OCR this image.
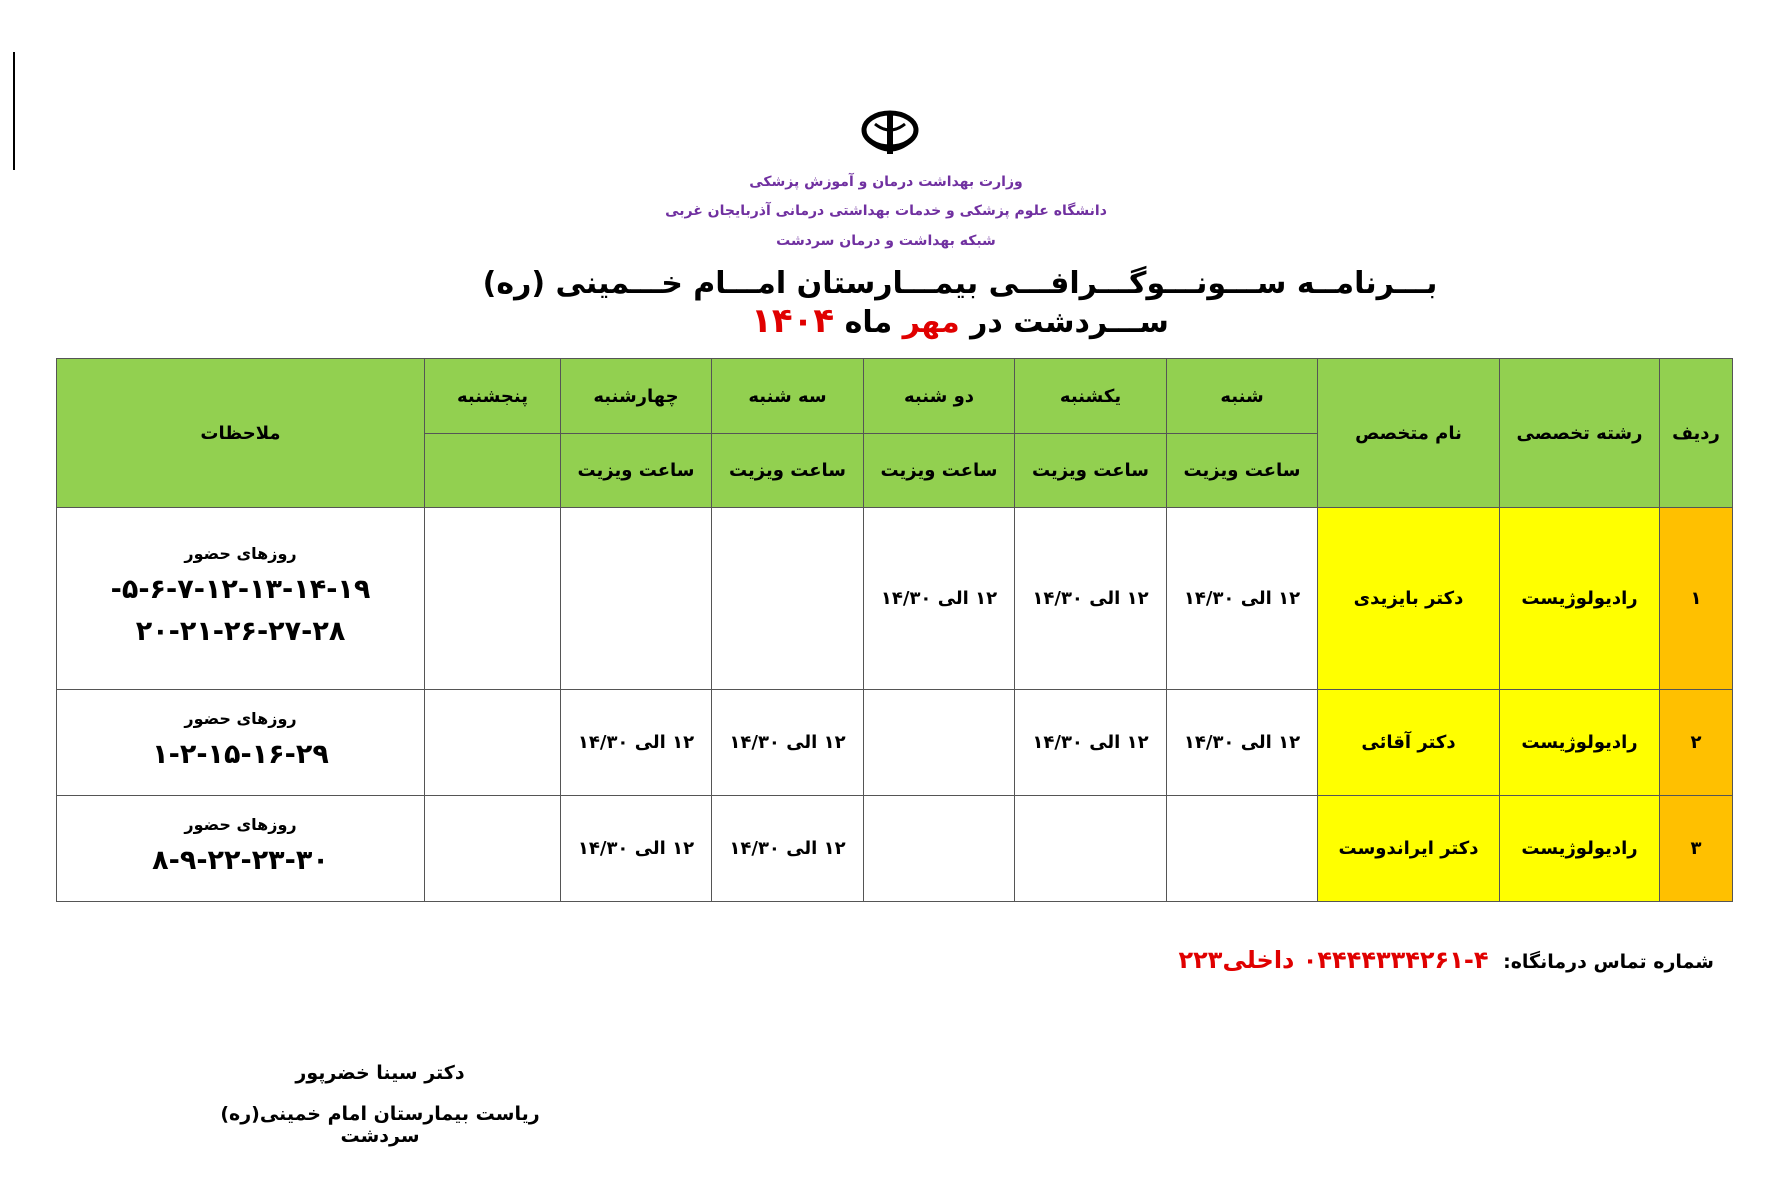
وزارت بهداشت درمان و آموزش پزشکی
دانشگاه علوم پزشکی و خدمات بهداشتی درمانی آذربایجان غربی
شبکه بهداشت و درمان سردشت
بـــرنامــه ســـونـــوگـــرافـــی بیمـــارستان امـــام خـــمینی (ره) ســـردشت در مهر ماه ۱۴۰۴
ردیف	رشته تخصصی	نام متخصص	شنبه	یکشنبه	دو شنبه	سه شنبه	چهارشنبه	پنجشنبه	ملاحظات
			ساعت ویزیت	ساعت ویزیت	ساعت ویزیت	ساعت ویزیت	ساعت ویزیت		
۱	رادیولوژیست	دکتر بایزیدی	۱۲ الی ۱۴/۳۰	۱۲ الی ۱۴/۳۰	۱۲ الی ۱۴/۳۰				روزهای حضور
۵-۶-۷-۱۲-۱۳-۱۴-۱۹- ۲۰-۲۱-۲۶-۲۷-۲۸

۲	رادیولوژیست	دکتر آقائی	۱۲ الی ۱۴/۳۰	۱۲ الی ۱۴/۳۰		۱۲ الی ۱۴/۳۰	۱۲ الی ۱۴/۳۰		روزهای حضور
۱-۲-۱۵-۱۶-۲۹

۳	رادیولوژیست	دکتر ایراندوست				۱۲ الی ۱۴/۳۰	۱۲ الی ۱۴/۳۰		روزهای حضور
۸-۹-۲۲-۲۳-۳۰
شماره تماس درمانگاه: ۴-۰۴۴۴۴۳۳۴۲۶۱ داخلی۲۲۳
دکتر سینا خضرپور
ریاست بیمارستان امام خمینی(ره) سردشت
